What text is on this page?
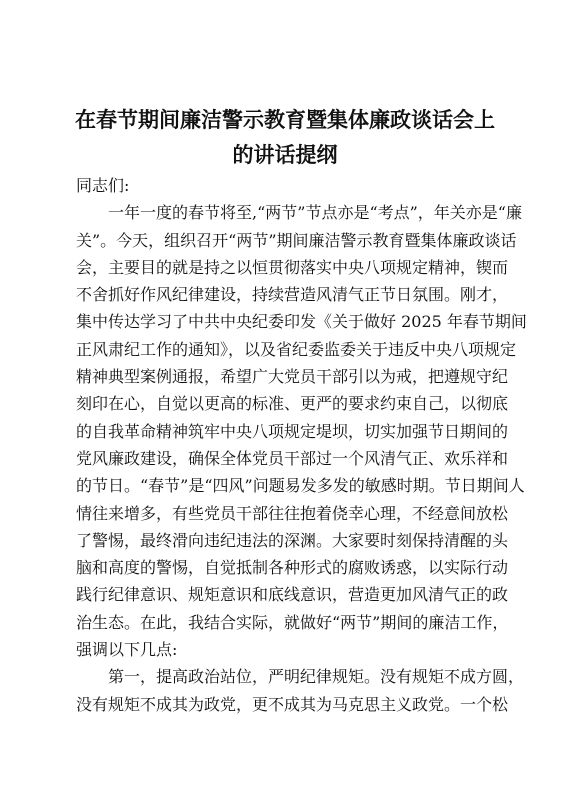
在春节期间廉洁警示教育暨集体廉政谈话会上
的讲话提纲

同志们:

　　一年一度的春节将至,“两节”节点亦是“考点”，年关亦是“廉
关”。今天，组织召开“两节”期间廉洁警示教育暨集体廉政谈话
会，主要目的就是持之以恒贯彻落实中央八项规定精神，锲而
不舍抓好作风纪律建设，持续营造风清气正节日氛围。刚才，
集中传达学习了中共中央纪委印发《关于做好 2025 年春节期间
正风肃纪工作的通知》，以及省纪委监委关于违反中央八项规定
精神典型案例通报，希望广大党员干部引以为戒，把遵规守纪
刻印在心，自觉以更高的标准、更严的要求约束自己，以彻底
的自我革命精神筑牢中央八项规定堤坝，切实加强节日期间的
党风廉政建设，确保全体党员干部过一个风清气正、欢乐祥和
的节日。“春节”是“四风”问题易发多发的敏感时期。节日期间人
情往来增多，有些党员干部往往抱着侥幸心理，不经意间放松
了警惕，最终滑向违纪违法的深渊。大家要时刻保持清醒的头
脑和高度的警惕，自觉抵制各种形式的腐败诱惑，以实际行动
践行纪律意识、规矩意识和底线意识，营造更加风清气正的政
治生态。在此，我结合实际，就做好“两节”期间的廉洁工作，
强调以下几点:
　　第一，提高政治站位，严明纪律规矩。没有规矩不成方圆，
没有规矩不成其为政党，更不成其为马克思主义政党。一个松
